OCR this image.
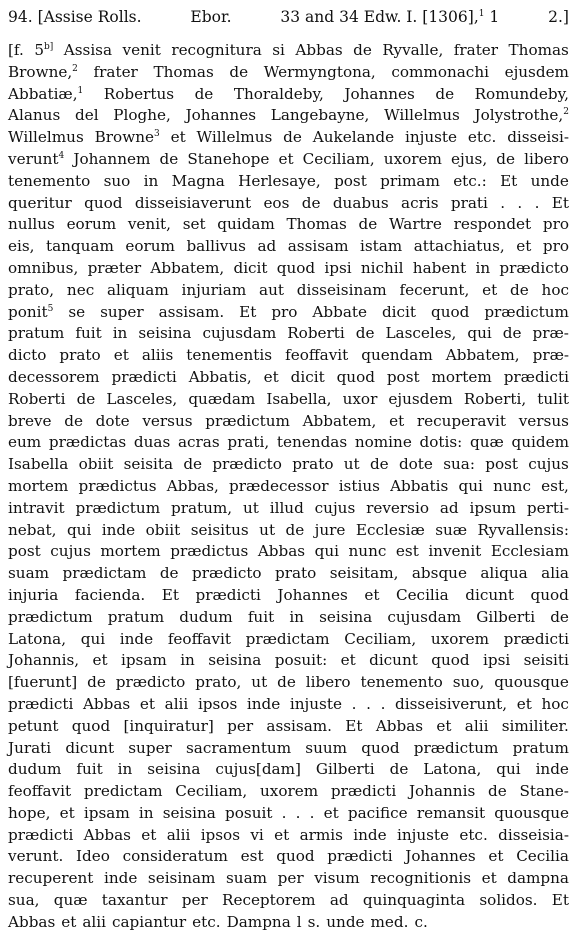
94. [Assise Rolls.	Ebor.	33 and 34 Edw. I. [1306],$^1$ 1	2.]
[f. $5^{b]}$ Assisa venit recognitura si Abbas de Ryvalle, frater Thomas
Browne,$^2$ frater Thomas de Wermyngtona, commonachi ejusdem
Abbatiæ,$^1$ Robertus de Thoraldeby, Johannes de Romundeby,
Alanus del Ploghe, Johannes Langebayne, Willelmus Jolystrothe,$^2$
Willelmus Browne$^3$ et Willelmus de Aukelande injuste etc. disseisi-
verunt$^4$ Johannem de Stanehope et Ceciliam, uxorem ejus, de libero
tenemento suo in Magna Herlesaye, post primam etc.: Et unde
queritur quod disseisiaverunt eos de duabus acris prati . . . Et
nullus eorum venit, set quidam Thomas de Wartre respondet pro
eis, tanquam eorum ballivus ad assisam istam attachiatus, et pro
omnibus, præter Abbatem, dicit quod ipsi nichil habent in prædicto
prato, nec aliquam injuriam aut disseisinam fecerunt, et de hoc
ponit$^5$ se super assisam. Et pro Abbate dicit quod prædictum
pratum fuit in seisina cujusdam Roberti de Lasceles, qui de præ-
dicto prato et aliis tenementis feoffavit quendam Abbatem, præ-
decessorem prædicti Abbatis, et dicit quod post mortem prædicti
Roberti de Lasceles, quædam Isabella, uxor ejusdem Roberti, tulit
breve de dote versus prædictum Abbatem, et recuperavit versus
eum prædictas duas acras prati, tenendas nomine dotis: quæ quidem
Isabella obiit seisita de prædicto prato ut de dote sua: post cujus
mortem prædictus Abbas, prædecessor istius Abbatis qui nunc est,
intravit prædictum pratum, ut illud cujus reversio ad ipsum perti-
nebat, qui inde obiit seisitus ut de jure Ecclesiæ suæ Ryvallensis:
post cujus mortem prædictus Abbas qui nunc est invenit Ecclesiam
suam prædictam de prædicto prato seisitam, absque aliqua alia
injuria facienda. Et prædicti Johannes et Cecilia dicunt quod
prædictum pratum dudum fuit in seisina cujusdam Gilberti de
Latona, qui inde feoffavit prædictam Ceciliam, uxorem prædicti
Johannis, et ipsam in seisina posuit: et dicunt quod ipsi seisiti
[fuerunt] de prædicto prato, ut de libero tenemento suo, quousque
prædicti Abbas et alii ipsos inde injuste . . . disseisiverunt, et hoc
petunt quod [inquiratur] per assisam. Et Abbas et alii similiter.
Jurati dicunt super sacramentum suum quod prædictum pratum
dudum fuit in seisina cujus[dam] Gilberti de Latona, qui inde
feoffavit predictam Ceciliam, uxorem prædicti Johannis de Stane-
hope, et ipsam in seisina posuit . . . et pacifice remansit quousque
prædicti Abbas et alii ipsos vi et armis inde injuste etc. disseisia-
verunt. Ideo consideratum est quod prædicti Johannes et Cecilia
recuperent inde seisinam suam per visum recognitionis et dampna
sua, quæ taxantur per Receptorem ad quinquaginta solidos. Et
Abbas et alii capiantur etc. Dampna l s. unde med. c.
